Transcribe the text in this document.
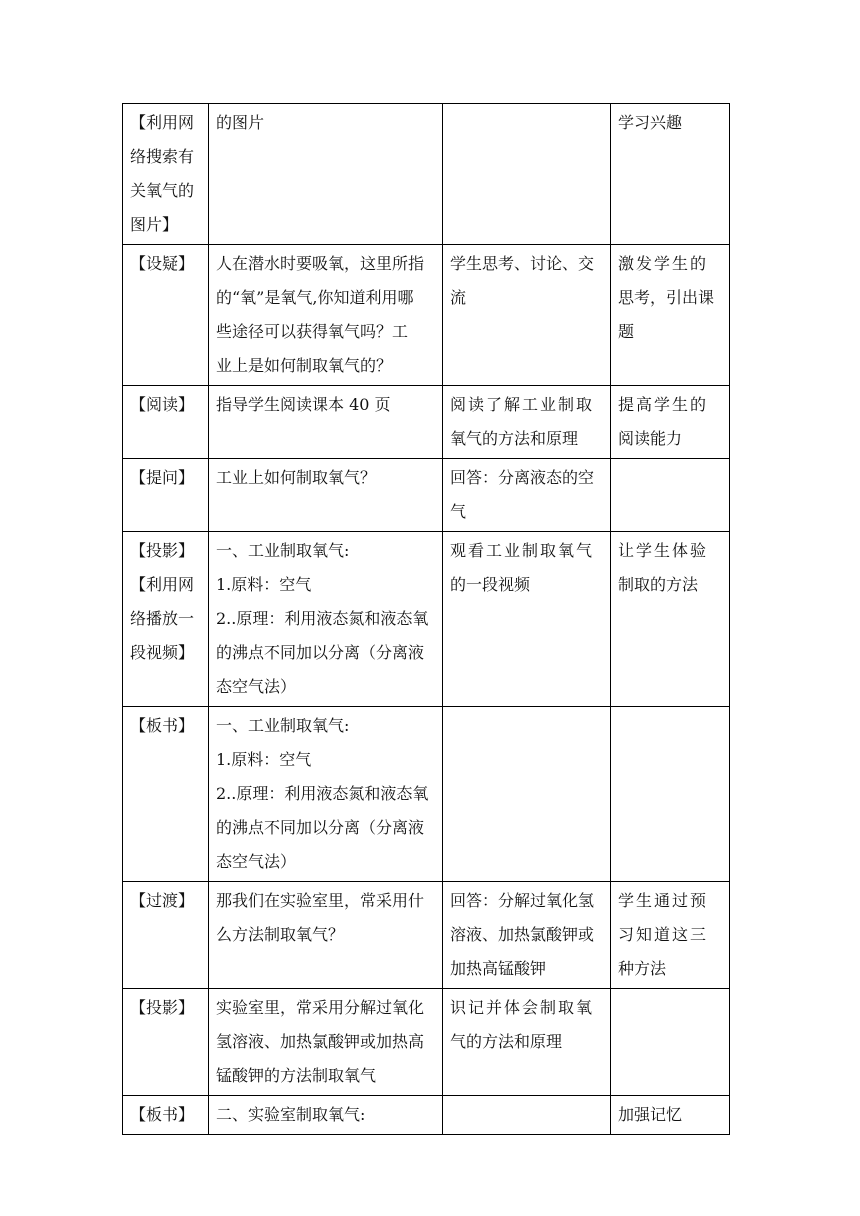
【利用网
络搜索有
关氧气的
图片】	的图片		学习兴趣

【设疑】	人在潜水时要吸氧，这里所指
的“氧”是氧气,你知道利用哪
些途径可以获得氧气吗？工
业上是如何制取氧气的？	学生思考、讨论、交
流	激发学生的
思考，引出课
题

【阅读】	指导学生阅读课本 40 页	阅读了解工业制取
氧气的方法和原理	提高学生的
阅读能力

【提问】	工业上如何制取氧气？	回答：分离液态的空
气	

【投影】
【利用网
络播放一
段视频】	一、工业制取氧气:
1.原料：空气
2..原理：利用液态氮和液态氧
的沸点不同加以分离（分离液
态空气法）	观看工业制取氧气
的一段视频	让学生体验
制取的方法

【板书】	一、工业制取氧气:
1.原料：空气
2..原理：利用液态氮和液态氧
的沸点不同加以分离（分离液
态空气法）		

【过渡】	那我们在实验室里，常采用什
么方法制取氧气？	回答：分解过氧化氢
溶液、加热氯酸钾或
加热高锰酸钾	学生通过预
习知道这三
种方法

【投影】	实验室里，常采用分解过氧化
氢溶液、加热氯酸钾或加热高
锰酸钾的方法制取氧气	识记并体会制取氧
气的方法和原理	

【板书】	二、实验室制取氧气:		加强记忆
